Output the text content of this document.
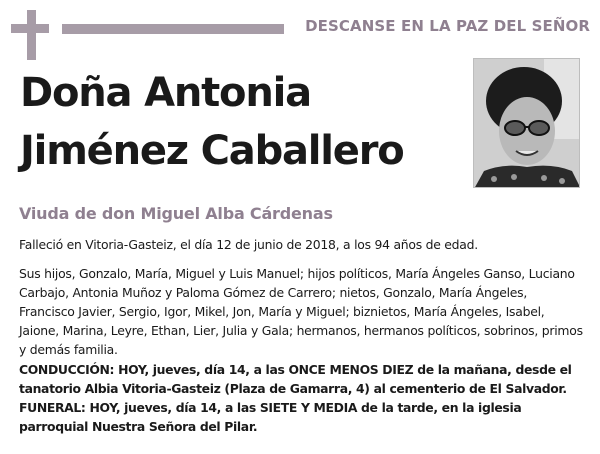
DESCANSE EN LA PAZ DEL SEÑOR
Doña Antonia
Jiménez Caballero
Viuda de don Miguel Alba Cárdenas
Falleció en Vitoria-Gasteiz, el día 12 de junio de 2018, a los 94 años de edad.
Sus hijos, Gonzalo, María, Miguel y Luis Manuel; hijos políticos, María Ángeles Ganso, Luciano Carbajo, Antonia Muñoz y Paloma Gómez de Carrero; nietos, Gonzalo, María Ángeles, Francisco Javier, Sergio, Igor, Mikel, Jon, María y Miguel; biznietos, María Ángeles, Isabel, Jaione, Marina, Leyre, Ethan, Lier, Julia y Gala; hermanos, hermanos políticos, sobrinos, primos y demás familia.
CONDUCCIÓN: HOY, jueves, día 14, a las ONCE MENOS DIEZ de la mañana, desde el tanatorio Albia Vitoria-Gasteiz (Plaza de Gamarra, 4) al cementerio de El Salvador.
FUNERAL: HOY, jueves, día 14, a las SIETE Y MEDIA de la tarde, en la iglesia parroquial Nuestra Señora del Pilar.
